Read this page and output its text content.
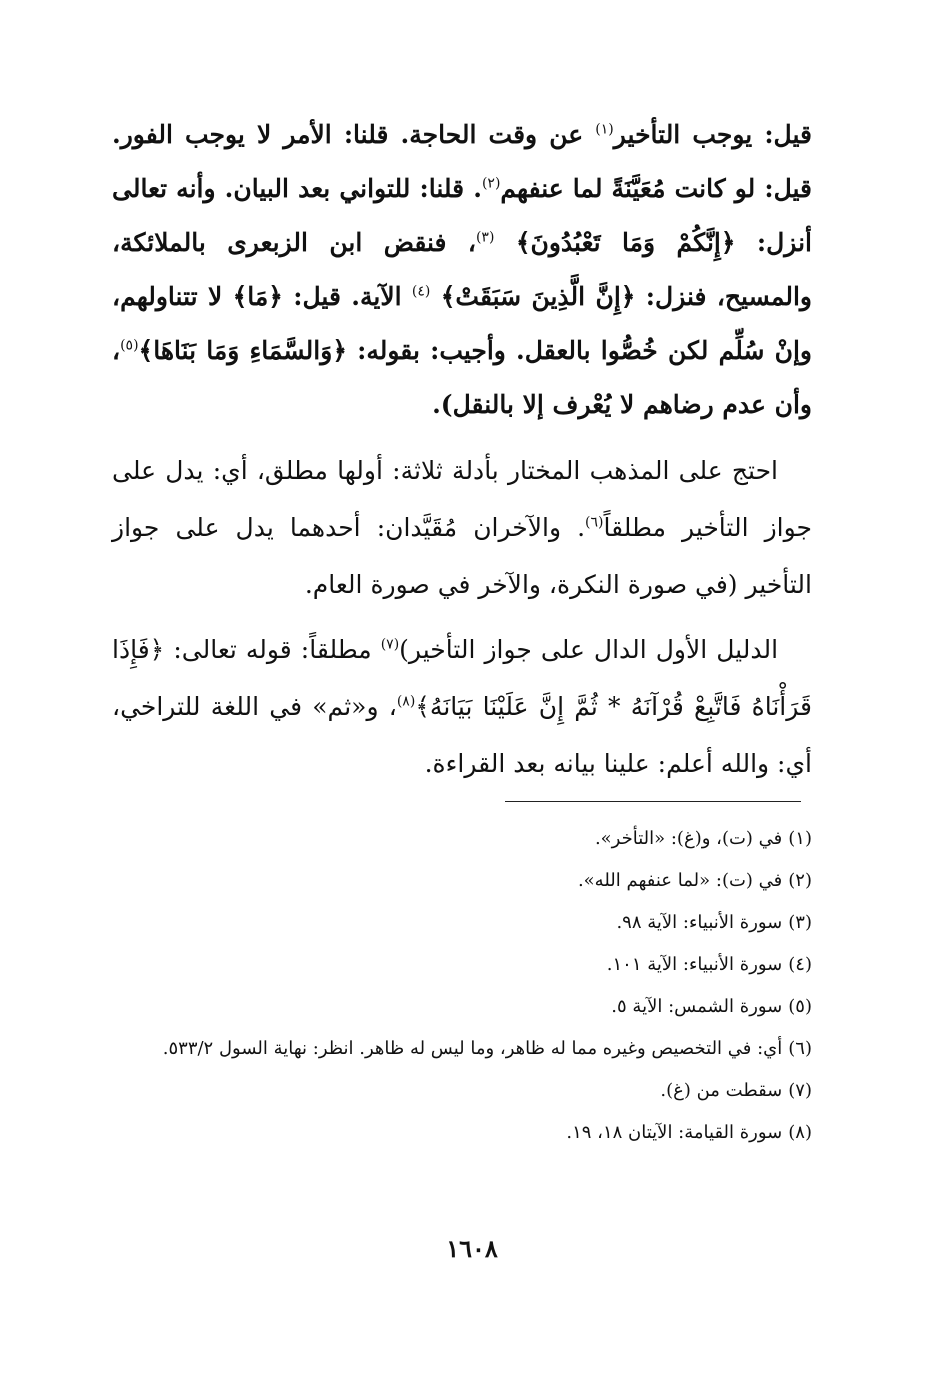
قيل: يوجب التأخير$^{(١)}$ عن وقت الحاجة. قلنا: الأمر لا يوجب الفور. قيل: لو كانت مُعَيَّنَةً لما عنفهم$^{(٢)}$. قلنا: للتواني بعد البيان. وأنه تعالى أنزل: ﴿إِنَّكُمْ وَمَا تَعْبُدُونَ﴾ $^{(٣)}$، فنقض ابن الزبعرى بالملائكة، والمسيح، فنزل: ﴿إِنَّ الَّذِينَ سَبَقَتْ﴾ $^{(٤)}$ الآية. قيل: ﴿مَا﴾ لا تتناولهم، وإنْ سُلِّم لكن خُصُّوا بالعقل. وأجيب: بقوله: ﴿وَالسَّمَاءِ وَمَا بَنَاهَا﴾$^{(٥)}$، وأن عدم رضاهم لا يُعْرف إلا بالنقل).

احتج على المذهب المختار بأدلة ثلاثة: أولها مطلق، أي: يدل على جواز التأخير مطلقاً$^{(٦)}$. والآخران مُقَيَّدان: أحدهما يدل على جواز التأخير (في صورة النكرة، والآخر في صورة العام.

الدليل الأول الدال على جواز التأخير)$^{(٧)}$ مطلقاً: قوله تعالى: ﴿فَإِذَا قَرَأْنَاهُ فَاتَّبِعْ قُرْآنَهُ * ثُمَّ إِنَّ عَلَيْنَا بَيَانَهُ﴾$^{(٨)}$، و«ثم» في اللغة للتراخي، أي: والله أعلم: علينا بيانه بعد القراءة.

(١)في (ت)، و(غ): «التأخر».

(٢)في (ت): «لما عنفهم الله».

(٣)سورة الأنبياء: الآية ٩٨.

(٤)سورة الأنبياء: الآية ١٠١.

(٥)سورة الشمس: الآية ٥.

(٦)أي: في التخصيص وغيره مما له ظاهر، وما ليس له ظاهر. انظر: نهاية السول ٥٣٣/٢.

(٧)سقطت من (غ).

(٨)سورة القيامة: الآيتان ١٨، ١٩.

١٦٠٨
